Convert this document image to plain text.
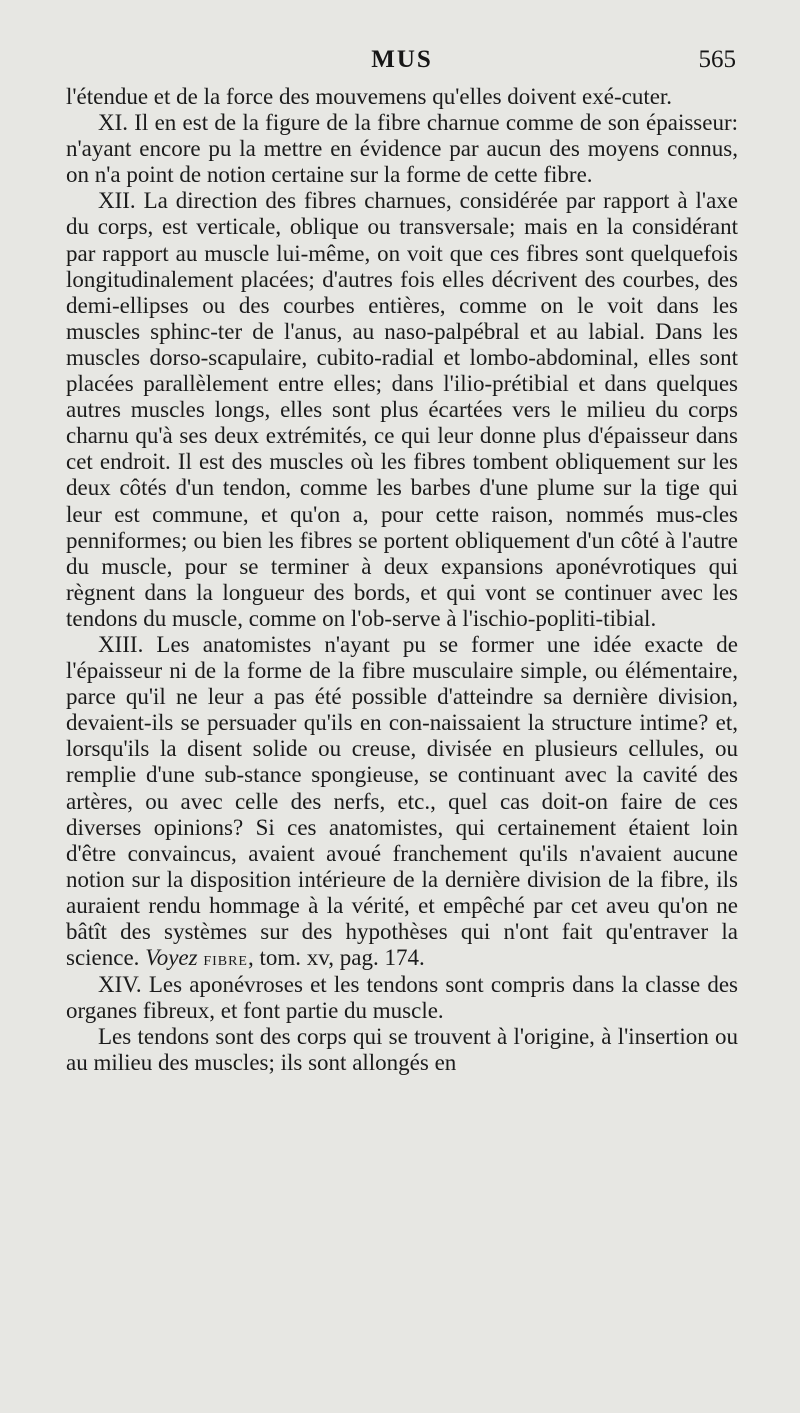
MUS	565

l'étendue et de la force des mouvemens qu'elles doivent exé-cuter.

XI. Il en est de la figure de la fibre charnue comme de son épaisseur: n'ayant encore pu la mettre en évidence par aucun des moyens connus, on n'a point de notion certaine sur la forme de cette fibre.

XII. La direction des fibres charnues, considérée par rapport à l'axe du corps, est verticale, oblique ou transversale; mais en la considérant par rapport au muscle lui-même, on voit que ces fibres sont quelquefois longitudinalement placées; d'autres fois elles décrivent des courbes, des demi-ellipses ou des courbes entières, comme on le voit dans les muscles sphinc-ter de l'anus, au naso-palpébral et au labial. Dans les muscles dorso-scapulaire, cubito-radial et lombo-abdominal, elles sont placées parallèlement entre elles; dans l'ilio-prétibial et dans quelques autres muscles longs, elles sont plus écartées vers le milieu du corps charnu qu'à ses deux extrémités, ce qui leur donne plus d'épaisseur dans cet endroit. Il est des muscles où les fibres tombent obliquement sur les deux côtés d'un tendon, comme les barbes d'une plume sur la tige qui leur est commune, et qu'on a, pour cette raison, nommés mus-cles penniformes; ou bien les fibres se portent obliquement d'un côté à l'autre du muscle, pour se terminer à deux expansions aponévrotiques qui règnent dans la longueur des bords, et qui vont se continuer avec les tendons du muscle, comme on l'ob-serve à l'ischio-popliti-tibial.

XIII. Les anatomistes n'ayant pu se former une idée exacte de l'épaisseur ni de la forme de la fibre musculaire simple, ou élémentaire, parce qu'il ne leur a pas été possible d'atteindre sa dernière division, devaient-ils se persuader qu'ils en con-naissaient la structure intime? et, lorsqu'ils la disent solide ou creuse, divisée en plusieurs cellules, ou remplie d'une sub-stance spongieuse, se continuant avec la cavité des artères, ou avec celle des nerfs, etc., quel cas doit-on faire de ces diverses opinions? Si ces anatomistes, qui certainement étaient loin d'être convaincus, avaient avoué franchement qu'ils n'avaient aucune notion sur la disposition intérieure de la dernière division de la fibre, ils auraient rendu hommage à la vérité, et empêché par cet aveu qu'on ne bâtît des systèmes sur des hypothèses qui n'ont fait qu'entraver la science. Voyez fibre, tom. xv, pag. 174.

XIV. Les aponévroses et les tendons sont compris dans la classe des organes fibreux, et font partie du muscle.

Les tendons sont des corps qui se trouvent à l'origine, à l'insertion ou au milieu des muscles; ils sont allongés en
